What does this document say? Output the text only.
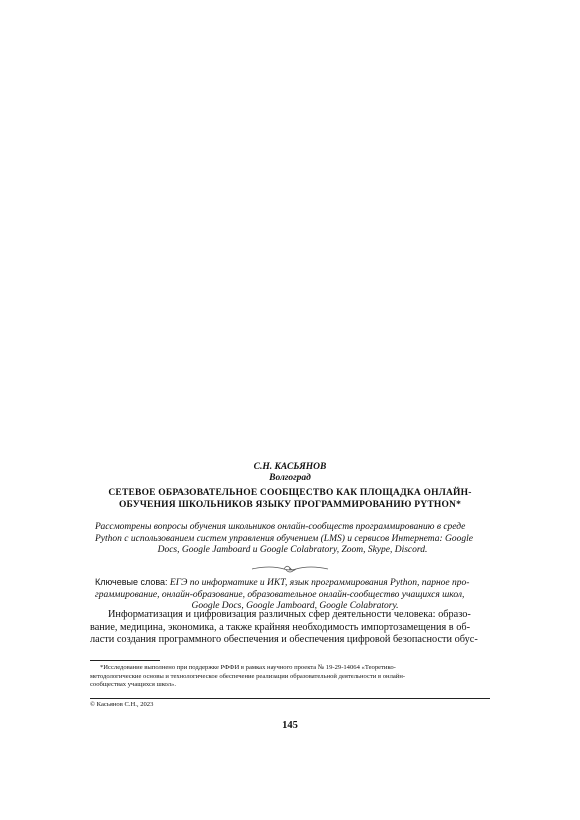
С.Н. КАСЬЯНОВ
Волгоград
СЕТЕВОЕ ОБРАЗОВАТЕЛЬНОЕ СООБЩЕСТВО КАК ПЛОЩАДКА ОНЛАЙН-
ОБУЧЕНИЯ ШКОЛЬНИКОВ ЯЗЫКУ ПРОГРАММИРОВАНИЮ PYTHON*
Рассмотрены вопросы обучения школьников онлайн-сообществ программированию в среде
Python с использованием систем управления обучением (LMS) и сервисов Интернета: Google
Docs, Google Jamboard и Google Colabratory, Zoom, Skype, Discord.
Ключевые слова: ЕГЭ по информатике и ИКТ, язык программирования Python, парное про-
граммирование, онлайн-образование, образовательное онлайн-сообщество учащихся школ,
Google Docs, Google Jamboard, Google Colabratory.
Информатизация и цифровизация различных сфер деятельности человека: образо-
вание, медицина, экономика, а также крайняя необходимость импортозамещения в об-
ласти создания программного обеспечения и обеспечения цифровой безопасности обус-
*Исследование выполнено при поддержке РФФИ в рамках научного проекта № 19-29-14064 «Теоретико-
методологические основы и технологическое обеспечение реализации образовательной деятельности в онлайн-
сообществах учащихся школ».
© Касьянов С.Н., 2023
145
